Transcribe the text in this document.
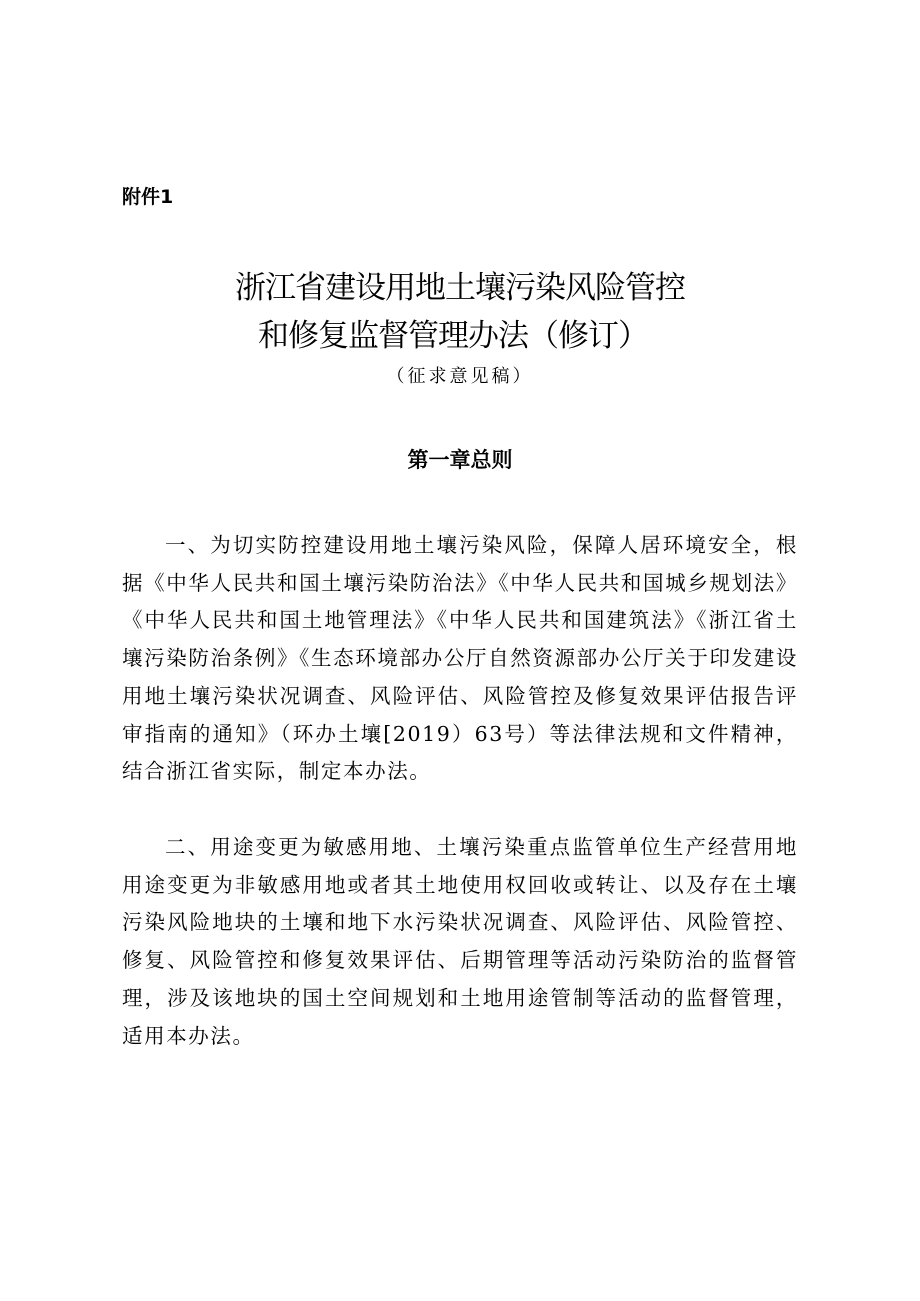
附件1
浙江省建设用地土壤污染风险管控
和修复监督管理办法（修订）
（征求意见稿）
第一章总则

一、为切实防控建设用地土壤污染风险，保障人居环境安全，根据《中华人民共和国土壤污染防治法》《中华人民共和国城乡规划法》《中华人民共和国土地管理法》《中华人民共和国建筑法》《浙江省土壤污染防治条例》《生态环境部办公厅自然资源部办公厅关于印发建设用地土壤污染状况调查、风险评估、风险管控及修复效果评估报告评审指南的通知》（环办土壤[2019）63号）等法律法规和文件精神，结合浙江省实际，制定本办法。

二、用途变更为敏感用地、土壤污染重点监管单位生产经营用地用途变更为非敏感用地或者其土地使用权回收或转让、以及存在土壤污染风险地块的土壤和地下水污染状况调查、风险评估、风险管控、修复、风险管控和修复效果评估、后期管理等活动污染防治的监督管理，涉及该地块的国土空间规划和土地用途管制等活动的监督管理，适用本办法。
